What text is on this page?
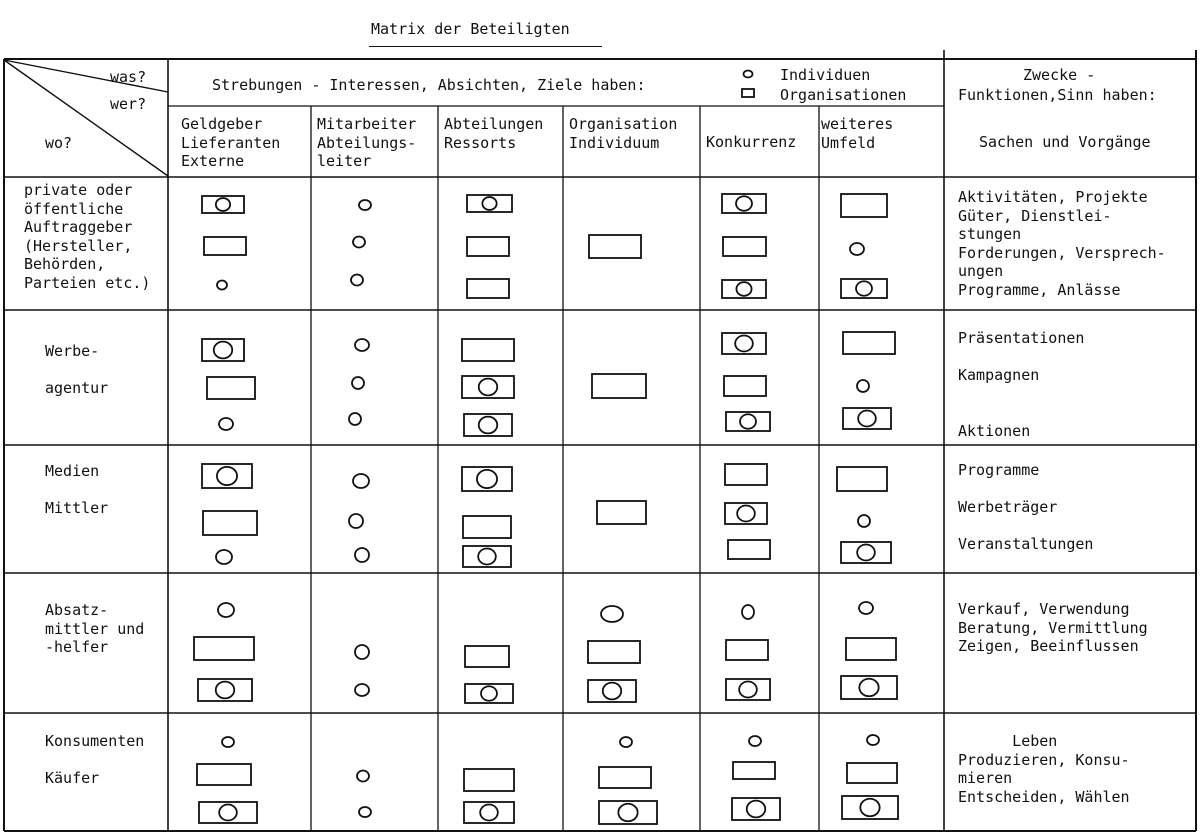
Matrix der Beteiligten
was?
wer?
wo?
Strebungen - Interessen, Absichten, Ziele haben:
Individuen
Organisationen
Zwecke -
Funktionen,Sinn haben:
Geldgeber
Lieferanten
Externe
Mitarbeiter
Abteilungs-
leiter
Abteilungen
Ressorts
Organisation
Individuum	Konkurrenz
weiteres
Umfeld	Sachen und Vorgänge
private oder
öffentliche
Auftraggeber
(Hersteller,
Behörden,
Parteien etc.)
Werbe-

agentur
Medien

Mittler
Absatz-
mittler und
-helfer
Konsumenten

Käufer
Aktivitäten, Projekte
Güter, Dienstlei-
stungen
Forderungen, Versprech-
ungen
Programme, Anlässe
Präsentationen

Kampagnen

Aktionen
Programme

Werbeträger

Veranstaltungen
Verkauf, Verwendung
Beratung, Vermittlung
Zeigen, Beeinflussen
Leben
Produzieren, Konsu-
mieren
Entscheiden, Wählen
